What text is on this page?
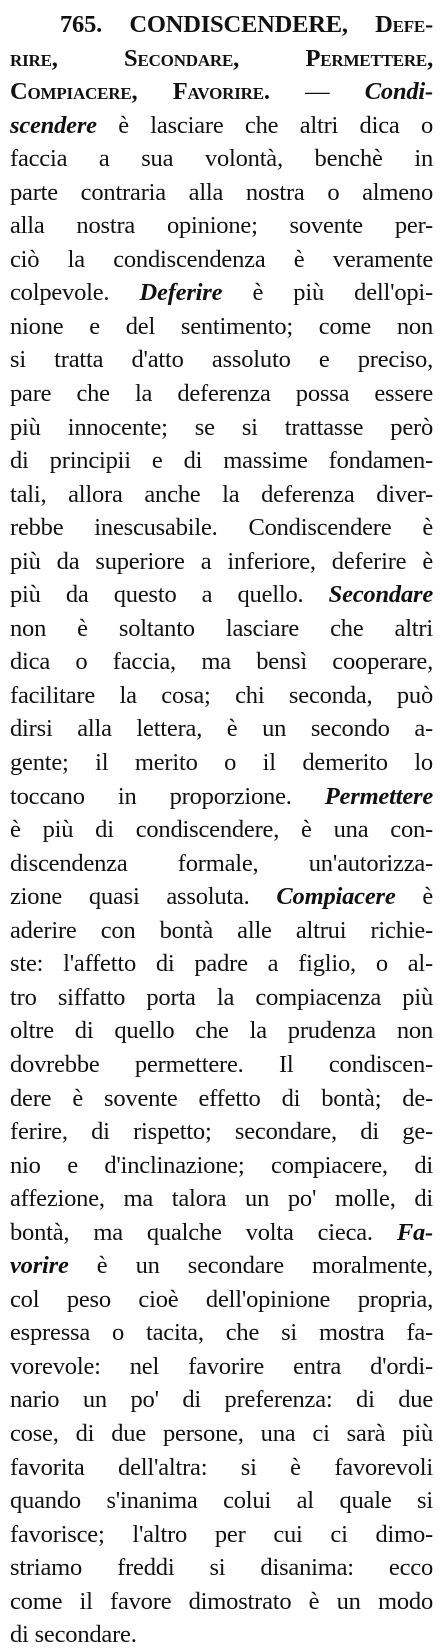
765. CONDISCENDERE, Defe-
rire, Secondare, Permettere,
Compiacere, Favorire. — Condi-
scendere è lasciare che altri dica o
faccia a sua volontà, benchè in
parte contraria alla nostra o almeno
alla nostra opinione; sovente per-
ciò la condiscendenza è veramente
colpevole. Deferire è più dell'opi-
nione e del sentimento; come non
si tratta d'atto assoluto e preciso,
pare che la deferenza possa essere
più innocente; se si trattasse però
di principii e di massime fondamen-
tali, allora anche la deferenza diver-
rebbe inescusabile. Condiscendere è
più da superiore a inferiore, deferire è
più da questo a quello. Secondare
non è soltanto lasciare che altri
dica o faccia, ma bensì cooperare,
facilitare la cosa; chi seconda, può
dirsi alla lettera, è un secondo a-
gente; il merito o il demerito lo
toccano in proporzione. Permettere
è più di condiscendere, è una con-
discendenza formale, un'autorizza-
zione quasi assoluta. Compiacere è
aderire con bontà alle altrui richie-
ste: l'affetto di padre a figlio, o al-
tro siffatto porta la compiacenza più
oltre di quello che la prudenza non
dovrebbe permettere. Il condiscen-
dere è sovente effetto di bontà; de-
ferire, di rispetto; secondare, di ge-
nio e d'inclinazione; compiacere, di
affezione, ma talora un po' molle, di
bontà, ma qualche volta cieca. Fa-
vorire è un secondare moralmente,
col peso cioè dell'opinione propria,
espressa o tacita, che si mostra fa-
vorevole: nel favorire entra d'ordi-
nario un po' di preferenza: di due
cose, di due persone, una ci sarà più
favorita dell'altra: si è favorevoli
quando s'inanima colui al quale si
favorisce; l'altro per cui ci dimo-
striamo freddi si disanima: ecco
come il favore dimostrato è un modo
di secondare.
